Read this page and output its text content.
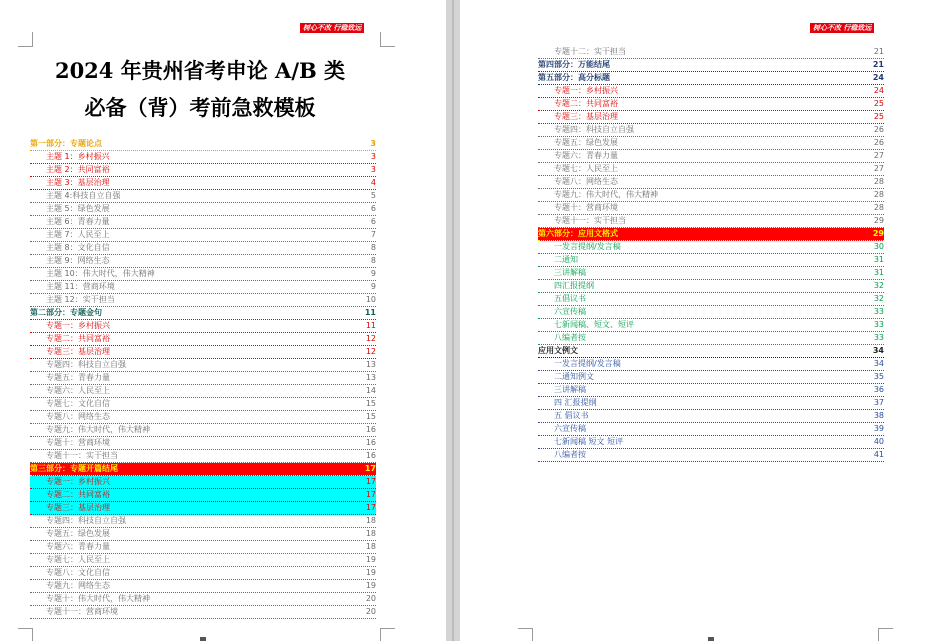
树心不改 行稳致远
2024 年贵州省考申论 A/B 类
必备（背）考前急救模板
第一部分：专题论点	3
主题 1：乡村振兴	3
主题 2：共同富裕	3
主题 3：基层治理	4
主题 4:科技自立自强	5
主题 5：绿色发展	6
主题 6：青春力量	6
主题 7：人民至上	7
主题 8：文化自信	8
主题 9：网络生态	8
主题 10：伟大时代，伟大精神	9
主题 11：营商环境	9
主题 12：实干担当	10
第二部分：专题金句	11
专题一：乡村振兴	11
专题二：共同富裕	12
专题三：基层治理	12
专题四：科技自立自强	13
专题五：青春力量	13
专题六：人民至上	14
专题七：文化自信	15
专题八：网络生态	15
专题九：伟大时代，伟大精神	16
专题十：营商环境	16
专题十一：实干担当	16
第三部分：专题开篇结尾	17
专题一：乡村振兴	17
专题二：共同富裕	17
专题三：基层治理	17
专题四：科技自立自强	18
专题五：绿色发展	18
专题六：青春力量	18
专题七：人民至上	19
专题八：文化自信	19
专题九：网络生态	19
专题十：伟大时代，伟大精神	20
专题十一：营商环境	20
树心不改 行稳致远
专题十二：实干担当	21
第四部分：万能结尾	21
第五部分：高分标题	24
专题一：乡村振兴	24
专题二：共同富裕	25
专题三：基层治理	25
专题四：科技自立自强	26
专题五：绿色发展	26
专题六：青春力量	27
专题七：人民至上	27
专题八：网络生态	28
专题九：伟大时代，伟大精神	28
专题十：营商环境	28
专题十一：实干担当	29
第六部分：应用文格式	29
一发言提纲/发言稿	30
二通知	31
三讲解稿	31
四汇报提纲	32
五倡议书	32
六宣传稿	33
七新闻稿、短文、短评	33
八编者按	33
应用文例文	34
一发言提纲/发言稿	34
二通知例文	35
三讲解稿	36
四 汇报提纲	37
五 倡议书	38
六宣传稿	39
七新闻稿 短文 短评	40
八编者按	41
